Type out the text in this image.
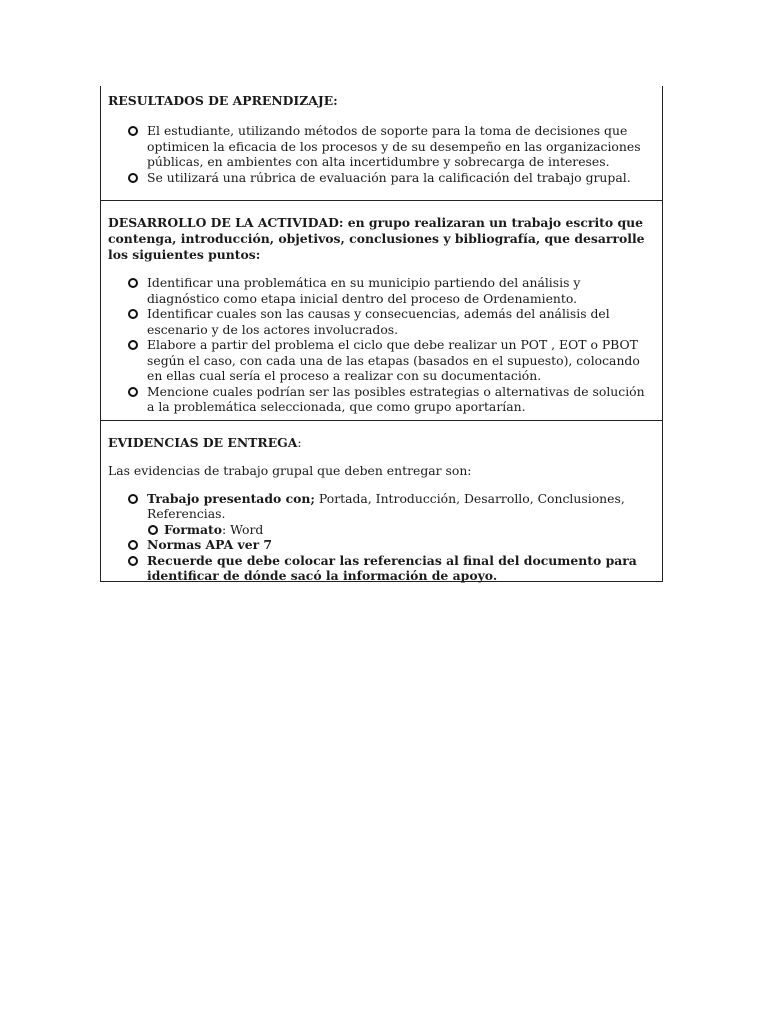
RESULTADOS DE APRENDIZAJE:

El estudiante, utilizando métodos de soporte para la toma de decisiones que optimicen la eficacia de los procesos y de su desempeño en las organizaciones públicas, en ambientes con alta incertidumbre y sobrecarga de intereses.
Se utilizará una rúbrica de evaluación para la calificación del trabajo grupal.

DESARROLLO DE LA ACTIVIDAD: en grupo realizaran un trabajo escrito que contenga, introducción, objetivos, conclusiones y bibliografía, que desarrolle los siguientes puntos:

Identificar una problemática en su municipio partiendo del análisis y diagnóstico como etapa inicial dentro del proceso de Ordenamiento.
Identificar cuales son las causas y consecuencias, además del análisis del escenario y de los actores involucrados.
Elabore a partir del problema el ciclo que debe realizar un POT , EOT o PBOT según el caso, con cada una de las etapas (basados en el supuesto), colocando en ellas cual sería el proceso a realizar con su documentación.
Mencione cuales podrían ser las posibles estrategias o alternativas de solución a la problemática seleccionada, que como grupo aportarían.

EVIDENCIAS DE ENTREGA:

Las evidencias de trabajo grupal que deben entregar son:

Trabajo presentado con; Portada, Introducción, Desarrollo, Conclusiones, Referencias.
Formato: Word
Normas APA ver 7
Recuerde que debe colocar las referencias al final del documento para identificar de dónde sacó la información de apoyo.
